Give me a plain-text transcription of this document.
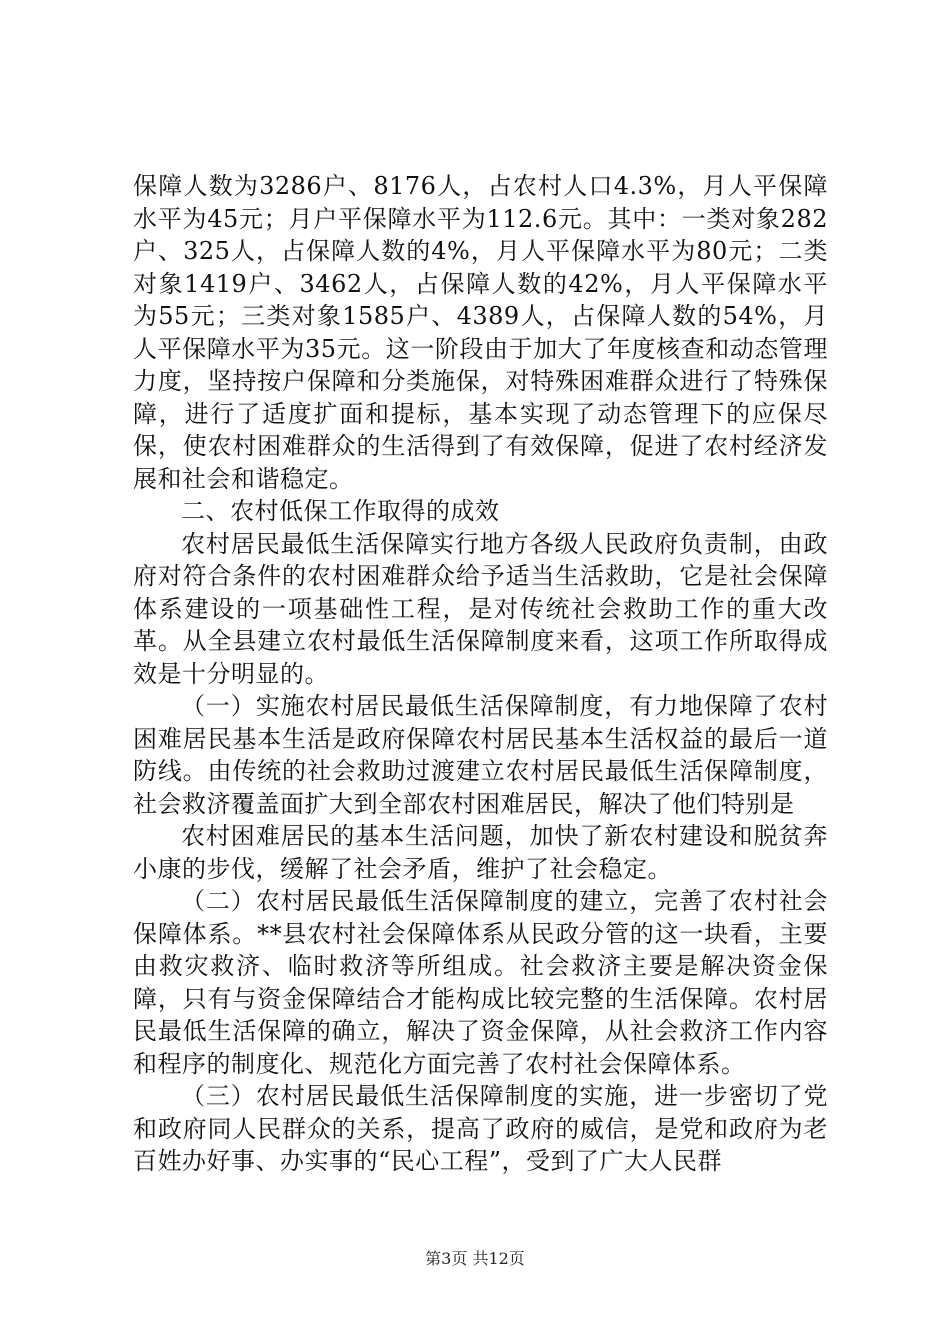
保障人数为3286户、8176人，占农村人口4.3%，月人平保障水平为45元；月户平保障水平为112.6元。其中：一类对象282户、325人，占保障人数的4%，月人平保障水平为80元；二类对象1419户、3462人，占保障人数的42%，月人平保障水平为55元；三类对象1585户、4389人，占保障人数的54%，月人平保障水平为35元。这一阶段由于加大了年度核查和动态管理力度，坚持按户保障和分类施保，对特殊困难群众进行了特殊保障，进行了适度扩面和提标，基本实现了动态管理下的应保尽保，使农村困难群众的生活得到了有效保障，促进了农村经济发展和社会和谐稳定。

二、农村低保工作取得的成效

农村居民最低生活保障实行地方各级人民政府负责制，由政府对符合条件的农村困难群众给予适当生活救助，它是社会保障体系建设的一项基础性工程，是对传统社会救助工作的重大改革。从全县建立农村最低生活保障制度来看，这项工作所取得成效是十分明显的。

（一）实施农村居民最低生活保障制度，有力地保障了农村困难居民基本生活是政府保障农村居民基本生活权益的最后一道防线。由传统的社会救助过渡建立农村居民最低生活保障制度，社会救济覆盖面扩大到全部农村困难居民，解决了他们特别是

农村困难居民的基本生活问题，加快了新农村建设和脱贫奔小康的步伐，缓解了社会矛盾，维护了社会稳定。

（二）农村居民最低生活保障制度的建立，完善了农村社会保障体系。**县农村社会保障体系从民政分管的这一块看，主要由救灾救济、临时救济等所组成。社会救济主要是解决资金保障，只有与资金保障结合才能构成比较完整的生活保障。农村居民最低生活保障的确立，解决了资金保障，从社会救济工作内容和程序的制度化、规范化方面完善了农村社会保障体系。

（三）农村居民最低生活保障制度的实施，进一步密切了党和政府同人民群众的关系，提高了政府的威信，是党和政府为老百姓办好事、办实事的“民心工程”，受到了广大人民群

第3页 共12页
